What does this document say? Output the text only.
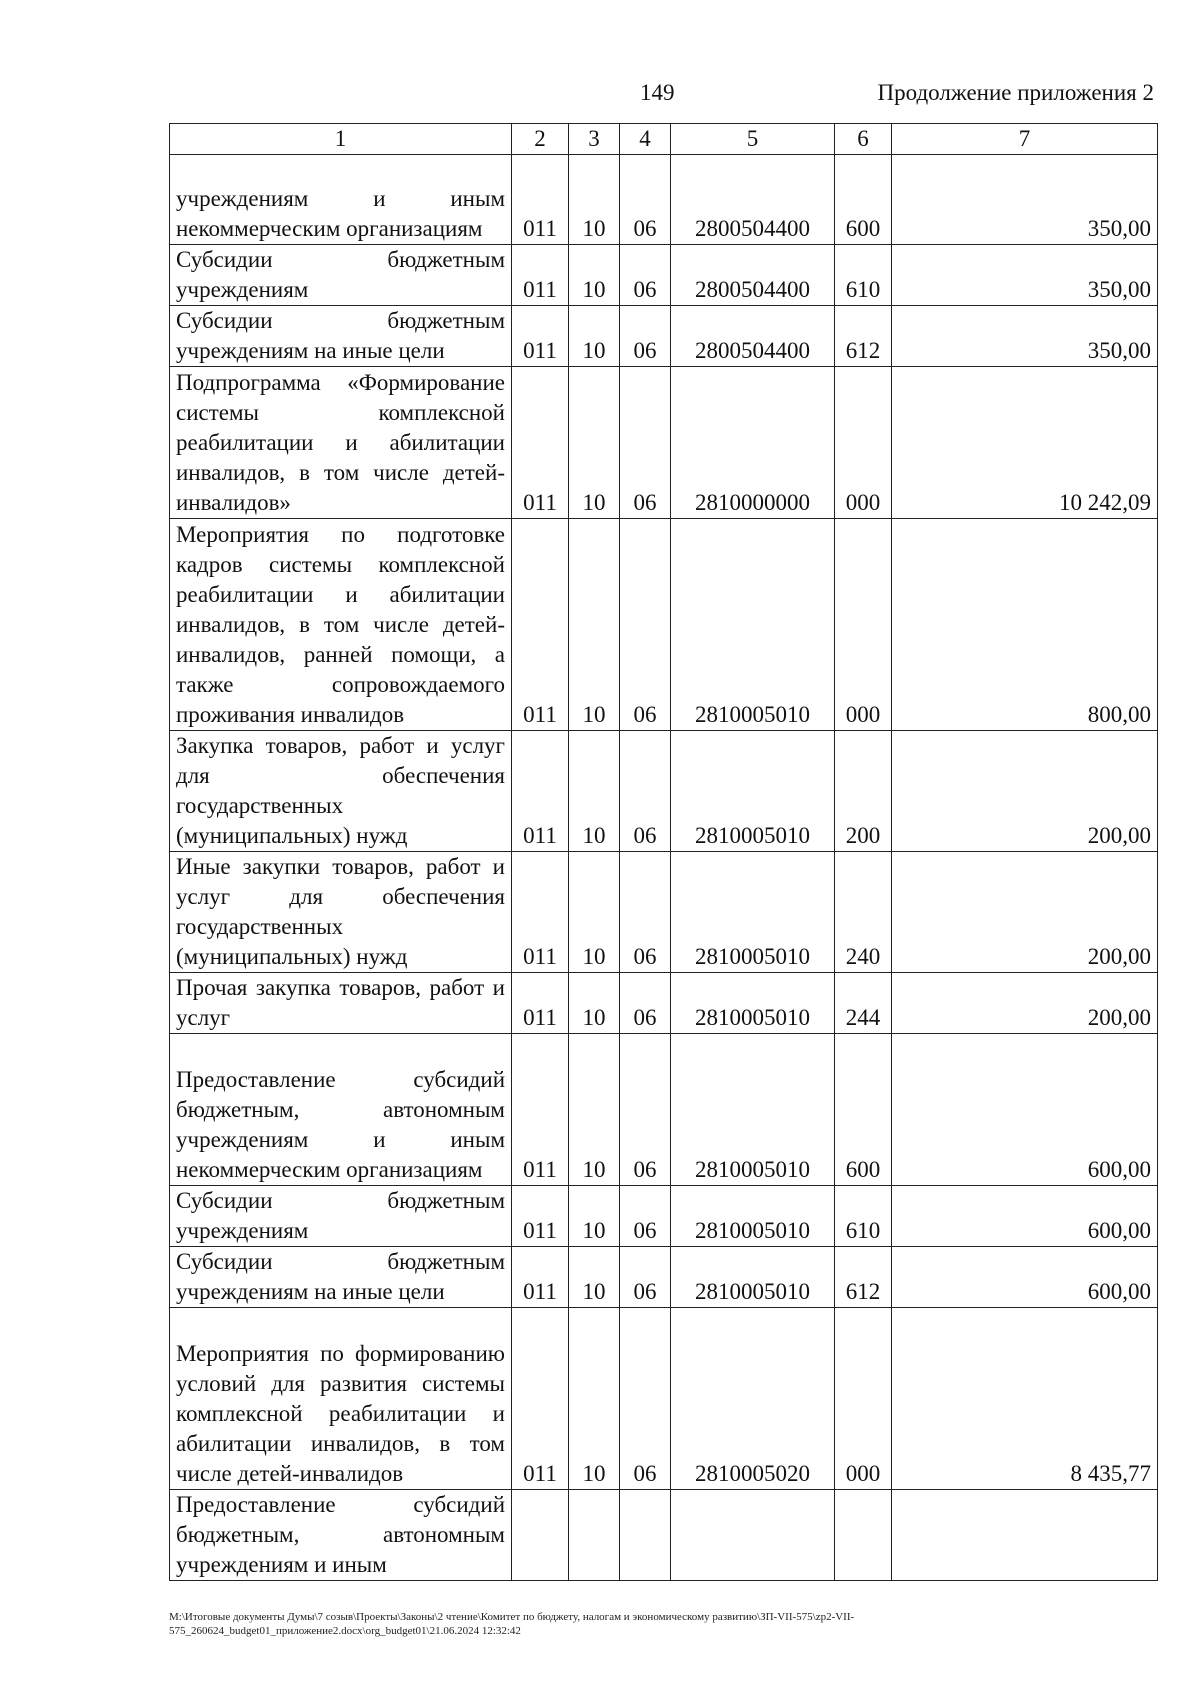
149	Продолжение приложения 2
1	2	3	4	5	6	7
учреждениям и иным некоммерческим организациям	011	10	06	2800504400	600	350,00
Субсидии бюджетным учреждениям	011	10	06	2800504400	610	350,00
Субсидии бюджетным учреждениям на иные цели	011	10	06	2800504400	612	350,00
Подпрограмма «Формирование системы комплексной реабилитации и абилитации инвалидов, в том числе детей-инвалидов»	011	10	06	2810000000	000	10 242,09
Мероприятия по подготовке кадров системы комплексной реабилитации и абилитации инвалидов, в том числе детей-инвалидов, ранней помощи, а также сопровождаемого проживания инвалидов	011	10	06	2810005010	000	800,00
Закупка товаров, работ и услуг для обеспечения государственных (муниципальных) нужд	011	10	06	2810005010	200	200,00
Иные закупки товаров, работ и услуг для обеспечения государственных (муниципальных) нужд	011	10	06	2810005010	240	200,00
Прочая закупка товаров, работ и услуг	011	10	06	2810005010	244	200,00
Предоставление субсидий бюджетным, автономным учреждениям и иным некоммерческим организациям	011	10	06	2810005010	600	600,00
Субсидии бюджетным учреждениям	011	10	06	2810005010	610	600,00
Субсидии бюджетным учреждениям на иные цели	011	10	06	2810005010	612	600,00
Мероприятия по формированию условий для развития системы комплексной реабилитации и абилитации инвалидов, в том числе детей-инвалидов	011	10	06	2810005020	000	8 435,77
Предоставление субсидий бюджетным, автономным учреждениям и иным						
M:\Итоговые документы Думы\7 созыв\Проекты\Законы\2 чтение\Комитет по бюджету, налогам и экономическому развитию\ЗП-VII-575\zp2-VII-575_260624_budget01_приложение2.docx\org_budget01\21.06.2024 12:32:42
